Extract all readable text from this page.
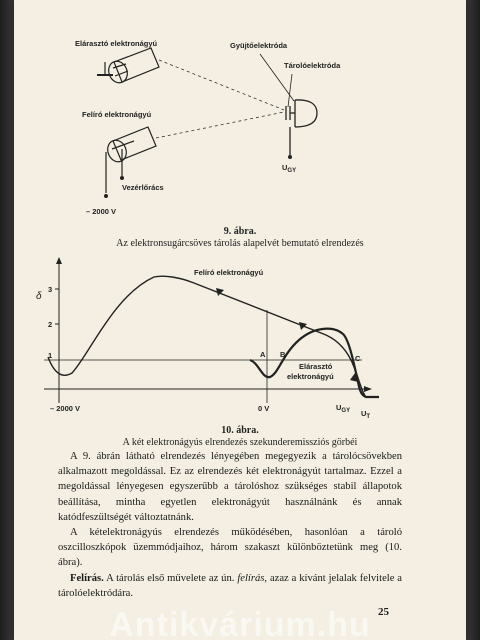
Elárasztó elektronágyú
Felíró elektronágyú
Vezérlőrács
– 2000 V
Gyüjtőelektróda
Tárolóelektróda
$U_{GY}$
9. ábra.
Az elektronsugárcsöves tárolás alapelvét bemutató elrendezés
3
2
1
δ
Felíró elektronágyú
Elárasztó
elektronágyú
A B	C
– 2000 V	0 V	$U_{GY}$ $U_T$
10. ábra.
A két elektronágyús elrendezés szekunderemissziós görbéi

A 9. ábrán látható elrendezés lényegében megegyezik a tárolócsövekben alkalmazott megoldással. Ez az elrendezés két elektronágyút tartalmaz. Ezzel a megoldással lényegesen egyszerűbb a tárolóshoz szükséges stabil állapotok beállítása, mintha egyetlen elektronágyút használnánk és annak katódfeszültségét változtatnánk.

A kételektronágyús elrendezés működésében, hasonlóan a tároló oszcilloszkópok üzemmódjaihoz, három szakaszt különböztetünk meg (10. ábra).

Felírás. A tárolás első művelete az ún. felírás, azaz a kívánt jelalak felvitele a tárolóelektródára.

25
Antikvárium.hu
